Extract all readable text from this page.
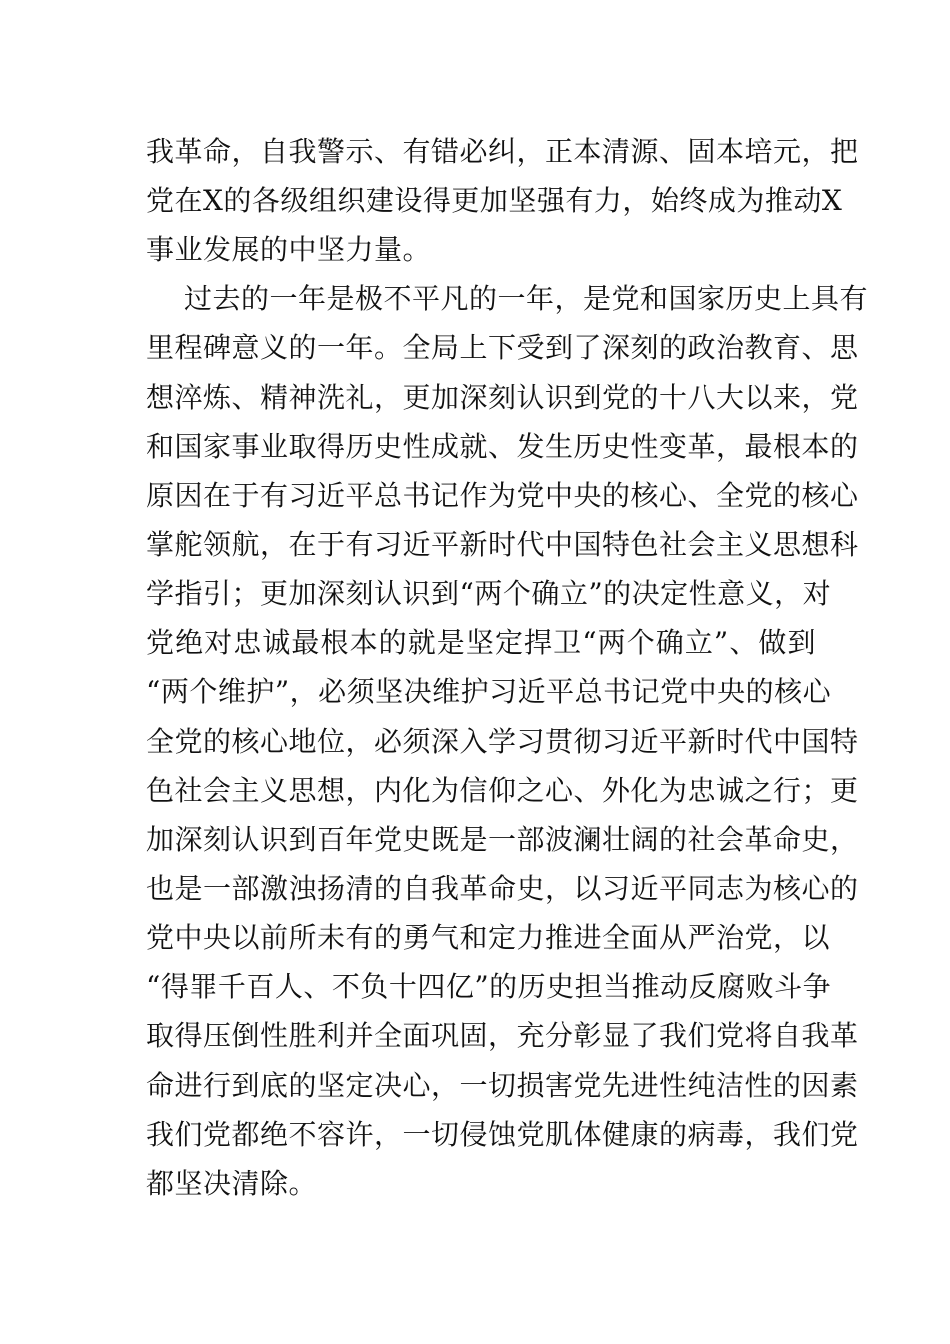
我革命，自我警示、有错必纠，正本清源、固本培元，把
党在X的各级组织建设得更加坚强有力，始终成为推动X
事业发展的中坚力量。
过去的一年是极不平凡的一年，是党和国家历史上具有
里程碑意义的一年。全局上下受到了深刻的政治教育、思
想淬炼、精神洗礼，更加深刻认识到党的十八大以来，党
和国家事业取得历史性成就、发生历史性变革，最根本的
原因在于有习近平总书记作为党中央的核心、全党的核心
掌舵领航，在于有习近平新时代中国特色社会主义思想科
学指引；更加深刻认识到“两个确立”的决定性意义，对
党绝对忠诚最根本的就是坚定捍卫“两个确立”、做到
“两个维护”，必须坚决维护习近平总书记党中央的核心
全党的核心地位，必须深入学习贯彻习近平新时代中国特
色社会主义思想，内化为信仰之心、外化为忠诚之行；更
加深刻认识到百年党史既是一部波澜壮阔的社会革命史，
也是一部激浊扬清的自我革命史，以习近平同志为核心的
党中央以前所未有的勇气和定力推进全面从严治党，以
“得罪千百人、不负十四亿”的历史担当推动反腐败斗争
取得压倒性胜利并全面巩固，充分彰显了我们党将自我革
命进行到底的坚定决心，一切损害党先进性纯洁性的因素
我们党都绝不容许，一切侵蚀党肌体健康的病毒，我们党
都坚决清除。
